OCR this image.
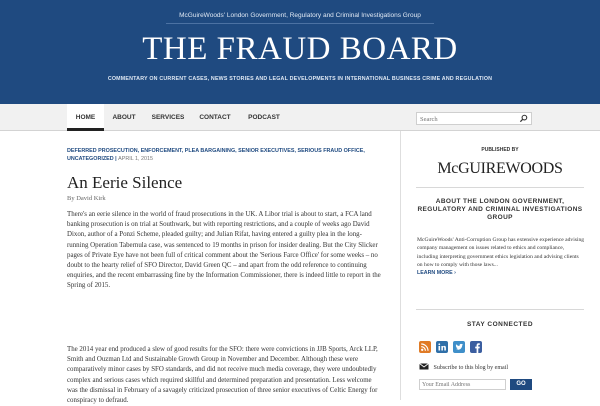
McGuireWoods' London Government, Regulatory and Criminal Investigations Group
THE FRAUD BOARD
COMMENTARY ON CURRENT CASES, NEWS STORIES AND LEGAL DEVELOPMENTS IN INTERNATIONAL BUSINESS CRIME AND REGULATION
HOME	ABOUT	SERVICES	CONTACT	PODCAST
Search
DEFERRED PROSECUTION, ENFORCEMENT, PLEA BARGAINING, SENIOR EXECUTIVES, SERIOUS FRAUD OFFICE, UNCATEGORIZED | APRIL 1, 2015
An Eerie Silence
By David Kirk
There's an eerie silence in the world of fraud prosecutions in the UK. A Libor trial is about to start, a FCA land banking prosecution is on trial at Southwark, but with reporting restrictions, and a couple of weeks ago David Dixon, author of a Ponzi Scheme, pleaded guilty; and Julian Rifat, having entered a guilty plea in the long-running Operation Tabernula case, was sentenced to 19 months in prison for insider dealing. But the City Slicker pages of Private Eye have not been full of critical comment about the 'Serious Farce Office' for some weeks – no doubt to the hearty relief of SFO Director, David Green QC – and apart from the odd reference to continuing enquiries, and the recent embarrassing fine by the Information Commissioner, there is indeed little to report in the Spring of 2015.
The 2014 year end produced a slew of good results for the SFO: there were convictions in JJB Sports, Arck LLP, Smith and Ouzman Ltd and Sustainable Growth Group in November and December. Although these were comparatively minor cases by SFO standards, and did not receive much media coverage, they were undoubtedly complex and serious cases which required skillful and determined preparation and presentation. Less welcome was the dismissal in February of a savagely criticized prosecution of three senior executives of Celtic Energy for conspiracy to defraud.
PUBLISHED BY
McGUIREWOODS
ABOUT THE LONDON GOVERNMENT, REGULATORY AND CRIMINAL INVESTIGATIONS GROUP
McGuireWoods' Anti-Corruption Group has extensive experience advising company management on issues related to ethics and compliance, including interpreting government ethics legislation and advising clients on how to comply with those laws...
LEARN MORE ›
STAY CONNECTED
Subscribe to this blog by email
Your Email Address
GO
